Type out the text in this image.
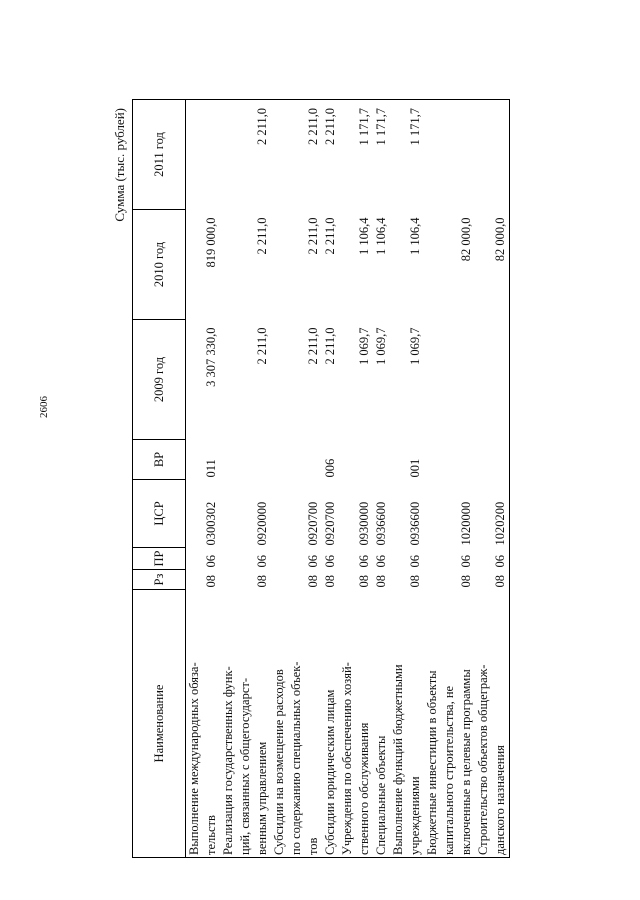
2606
Сумма (тыс. рублей)
Наименование	Рз	ПР	ЦСР	ВР	2009 год	2010 год	2011 год

Выполнение международных обяза- тельств	08	06	0300302	011	3 307 330,0	819 000,0	

Реализация государственных функ- ций, связанных с общегосударст- венным управлением	08	06	0920000		2 211,0	2 211,0	2 211,0

Субсидии на возмещение расходов по содержанию специальных объек- тов	08	06	0920700		2 211,0	2 211,0	2 211,0

Субсидии юридическим лицам	08	06	0920700	006	2 211,0	2 211,0	2 211,0

Учреждения по обеспечению хозяй- ственного обслуживания	08	06	0930000		1 069,7	1 106,4	1 171,7

Специальные объекты	08	06	0936600		1 069,7	1 106,4	1 171,7

Выполнение функций бюджетными учреждениями	08	06	0936600	001	1 069,7	1 106,4	1 171,7

Бюджетные инвестиции в объекты капитального строительства, не включенные в целевые программы	08	06	1020000			82 000,0	

Строительство объектов общеграж- данского назначения	08	06	1020200			82 000,0	
